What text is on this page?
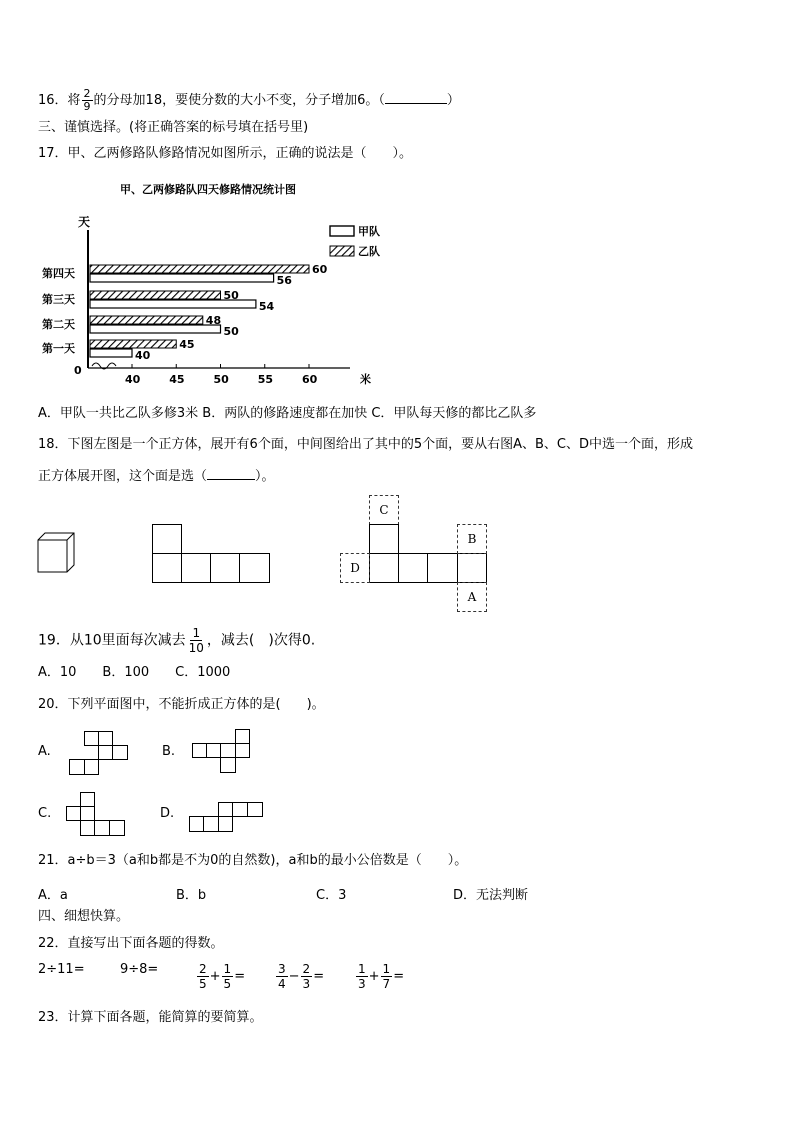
16．将 $\frac{2}{9}$ 的分母加18，要使分数的大小不变，分子增加6。（	）
三、谨慎选择。(将正确答案的标号填在括号里)
17．甲、乙两修路队修路情况如图所示，正确的说法是（　　）。
甲、乙两修路队四天修路情况统计图
天
米
45
40
48
50
50
54
60
56
0
40	45	50	55	60
第一天
第二天
第三天
第四天
甲队
乙队
A．甲队一共比乙队多修3米 B．两队的修路速度都在加快 C．甲队每天修的都比乙队多
18．下图左图是一个正方体，展开有6个面，中间图给出了其中的5个面，要从右图A、B、C、D中选一个面，形成
正方体展开图，这个面是选（	）。
C
B
A
D
19．从10里面每次减去 $\frac{1}{10}$ ，减去(　)次得0.
A．10　　B．100　　C．1000
20．下列平面图中，不能折成正方体的是(　　)。
A.	B.
C.	D.
21．a÷b＝3（a和b都是不为0的自然数)，a和b的最小公倍数是（　　）。
A．a	B．b	C．3	D．无法判断
四、细想快算。
22．直接写出下面各题的得数。
2÷11=	9÷8=	$\frac{2}{5} + \frac{1}{5}$ =	$\frac{3}{4} - \frac{2}{3}$ =	$\frac{1}{3} + \frac{1}{7}$ =
23．计算下面各题，能简算的要简算。
